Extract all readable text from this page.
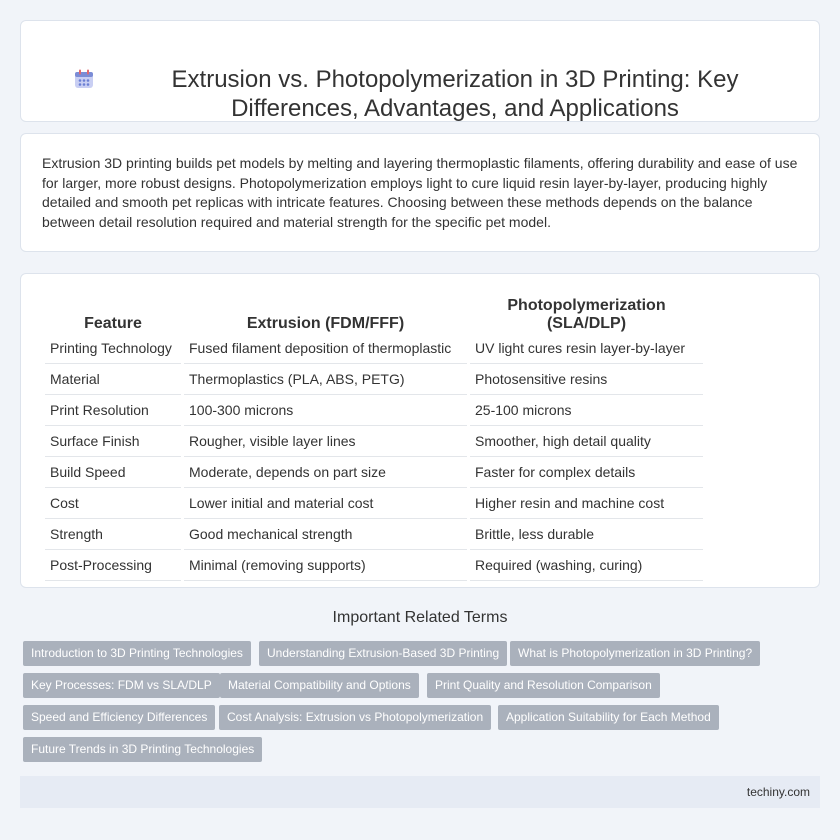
Extrusion vs. Photopolymerization in 3D Printing: Key Differences, Advantages, and Applications

Extrusion 3D printing builds pet models by melting and layering thermoplastic filaments, offering durability and ease of use for larger, more robust designs. Photopolymerization employs light to cure liquid resin layer-by-layer, producing highly detailed and smooth pet replicas with intricate features. Choosing between these methods depends on the balance between detail resolution required and material strength for the specific pet model.

Feature	Extrusion (FDM/FFF)	Photopolymerization (SLA/DLP)
Printing Technology	Fused filament deposition of thermoplastic	UV light cures resin layer-by-layer
Material	Thermoplastics (PLA, ABS, PETG)	Photosensitive resins
Print Resolution	100-300 microns	25-100 microns
Surface Finish	Rougher, visible layer lines	Smoother, high detail quality
Build Speed	Moderate, depends on part size	Faster for complex details
Cost	Lower initial and material cost	Higher resin and machine cost
Strength	Good mechanical strength	Brittle, less durable
Post-Processing	Minimal (removing supports)	Required (washing, curing)
Important Related Terms
Introduction to 3D Printing Technologies	Understanding Extrusion-Based 3D Printing	What is Photopolymerization in 3D Printing?
Key Processes: FDM vs SLA/DLP	Material Compatibility and Options	Print Quality and Resolution Comparison
Speed and Efficiency Differences	Cost Analysis: Extrusion vs Photopolymerization	Application Suitability for Each Method
Future Trends in 3D Printing Technologies
techiny.com
